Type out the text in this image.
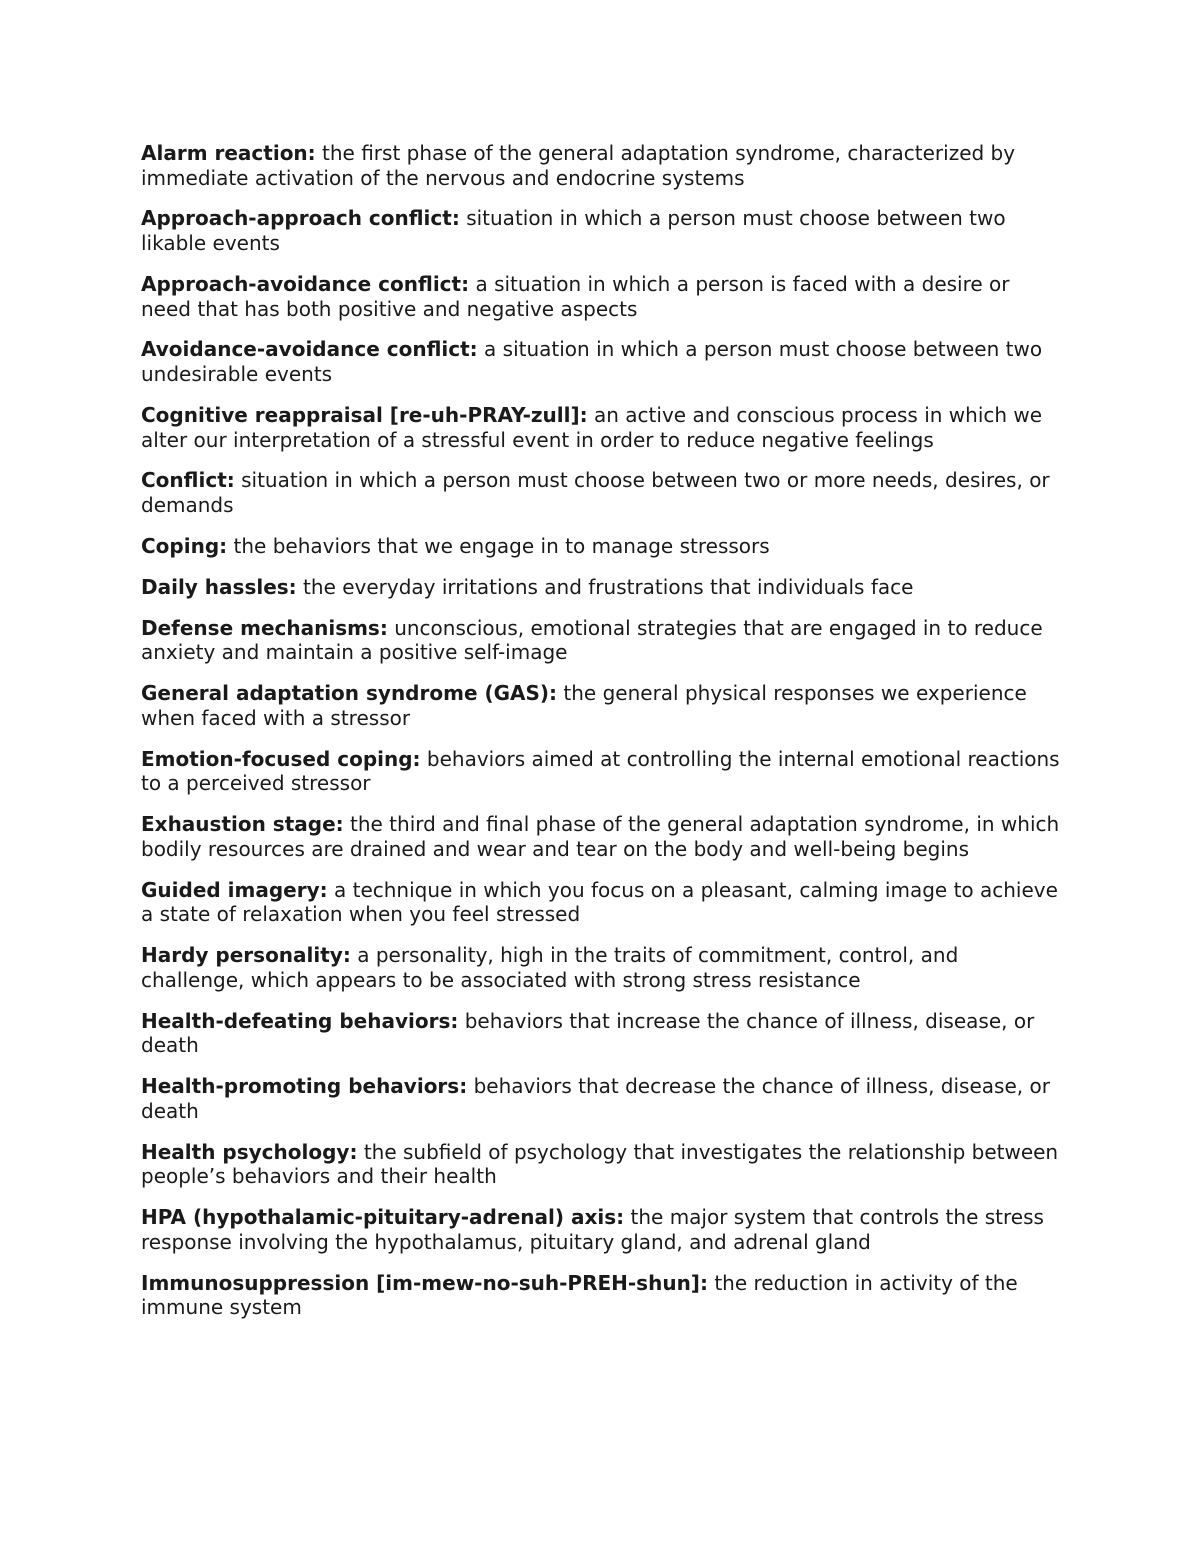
Alarm reaction: the first phase of the general adaptation syndrome, characterized by immediate activation of the nervous and endocrine systems

Approach-approach conflict: situation in which a person must choose between two likable events

Approach-avoidance conflict: a situation in which a person is faced with a desire or need that has both positive and negative aspects

Avoidance-avoidance conflict: a situation in which a person must choose between two undesirable events

Cognitive reappraisal [re-uh-PRAY-zull]: an active and conscious process in which we alter our interpretation of a stressful event in order to reduce negative feelings

Conflict: situation in which a person must choose between two or more needs, desires, or demands

Coping: the behaviors that we engage in to manage stressors

Daily hassles: the everyday irritations and frustrations that individuals face

Defense mechanisms: unconscious, emotional strategies that are engaged in to reduce anxiety and maintain a positive self-image

General adaptation syndrome (GAS): the general physical responses we experience when faced with a stressor

Emotion-focused coping: behaviors aimed at controlling the internal emotional reactions to a perceived stressor

Exhaustion stage: the third and final phase of the general adaptation syndrome, in which bodily resources are drained and wear and tear on the body and well-being begins

Guided imagery: a technique in which you focus on a pleasant, calming image to achieve a state of relaxation when you feel stressed

Hardy personality: a personality, high in the traits of commitment, control, and challenge, which appears to be associated with strong stress resistance

Health-defeating behaviors: behaviors that increase the chance of illness, disease, or death

Health-promoting behaviors: behaviors that decrease the chance of illness, disease, or death

Health psychology: the subfield of psychology that investigates the relationship between people’s behaviors and their health

HPA (hypothalamic-pituitary-adrenal) axis: the major system that controls the stress response involving the hypothalamus, pituitary gland, and adrenal gland

Immunosuppression [im-mew-no-suh-PREH-shun]: the reduction in activity of the immune system
